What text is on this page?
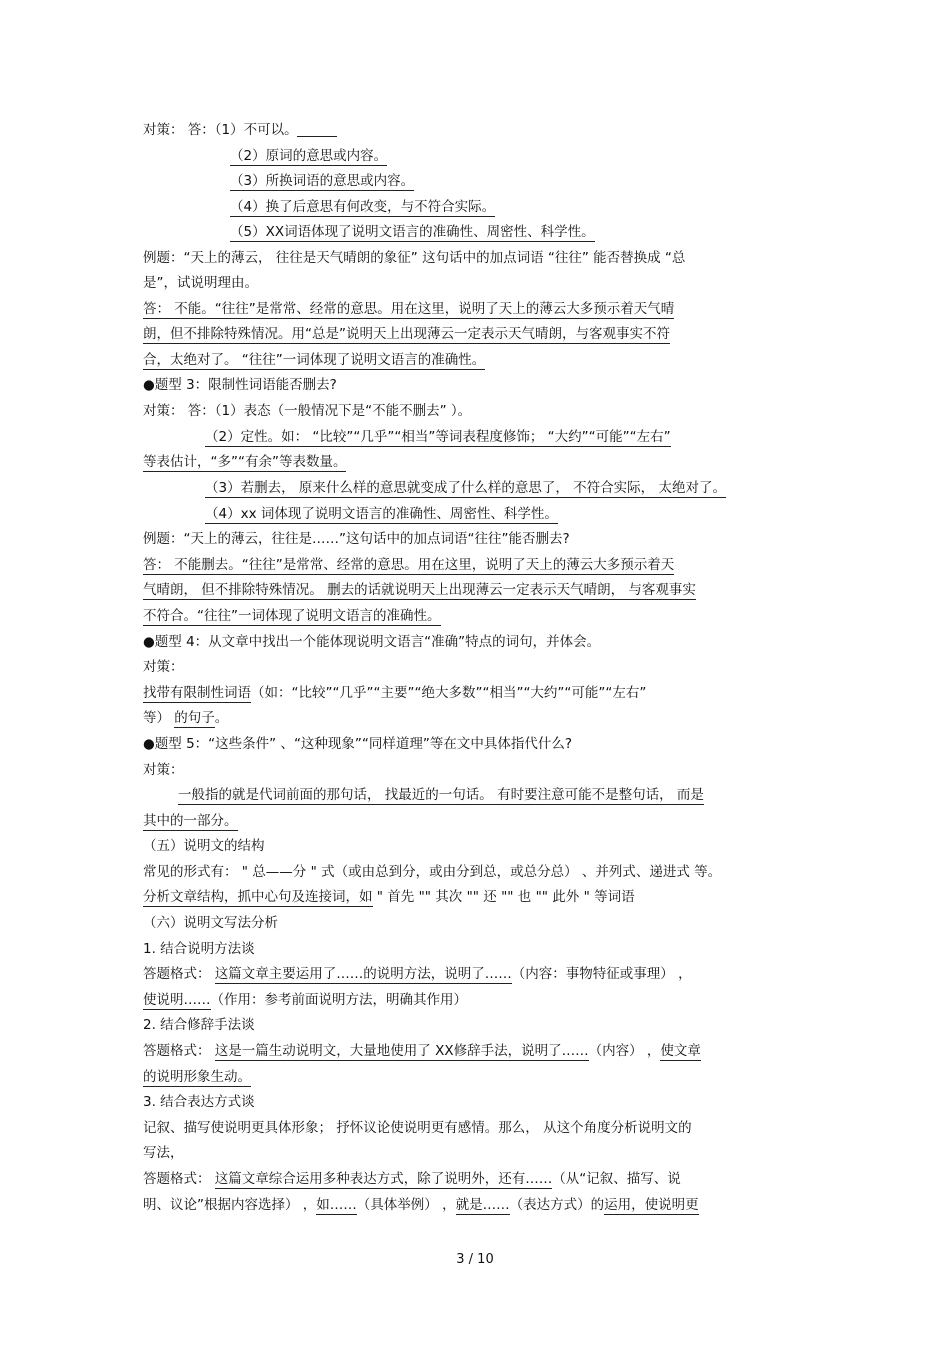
对策： 答：（1）不可以。
（2）原词的意思或内容。
（3）所换词语的意思或内容。
（4）换了后意思有何改变，与不符合实际。
（5）XX词语体现了说明文语言的准确性、周密性、科学性。
例题：“天上的薄云， 往往是天气晴朗的象征” 这句话中的加点词语 “往往” 能否替换成 “总
是”，试说明理由。
答： 不能。“往往”是常常、经常的意思。用在这里，说明了天上的薄云大多预示着天气晴
朗，但不排除特殊情况。用“总是”说明天上出现薄云一定表示天气晴朗，与客观事实不符
合，太绝对了。 “往往”一词体现了说明文语言的准确性。
●题型 3：限制性词语能否删去?
对策： 答：（1）表态（一般情况下是“不能不删去” ）。
（2）定性。如： “比较”“几乎”“相当”等词表程度修饰； “大约”“可能”“左右”
等表估计，“多”“有余”等表数量。
（3）若删去， 原来什么样的意思就变成了什么样的意思了， 不符合实际， 太绝对了。
（4）xx 词体现了说明文语言的准确性、周密性、科学性。
例题：“天上的薄云，往往是……”这句话中的加点词语“往往”能否删去?
答： 不能删去。“往往”是常常、经常的意思。用在这里，说明了天上的薄云大多预示着天
气晴朗， 但不排除特殊情况。 删去的话就说明天上出现薄云一定表示天气晴朗， 与客观事实
不符合。“往往”一词体现了说明文语言的准确性。
●题型 4：从文章中找出一个能体现说明文语言“准确”特点的词句，并体会。
对策：
找带有限制性词语（如：“比较”“几乎”“主要”“绝大多数”“相当”“大约”“可能”“左右”
等） 的句子。
●题型 5：“这些条件” 、“这种现象”“同样道理”等在文中具体指代什么?
对策：
一般指的就是代词前面的那句话， 找最近的一句话。 有时要注意可能不是整句话， 而是
其中的一部分。
（五）说明文的结构
常见的形式有： " 总——分 " 式（或由总到分，或由分到总，或总分总） 、并列式、递进式 等。
分析文章结构，抓中心句及连接词，如 " 首先 "" 其次 "" 还 "" 也 "" 此外 " 等词语
（六）说明文写法分析
1. 结合说明方法谈
答题格式： 这篇文章主要运用了……的说明方法，说明了……（内容：事物特征或事理） ，
使说明……（作用：参考前面说明方法，明确其作用）
2. 结合修辞手法谈
答题格式： 这是一篇生动说明文，大量地使用了 XX修辞手法，说明了……（内容） ，使文章
的说明形象生动。
3. 结合表达方式谈
记叙、描写使说明更具体形象； 抒怀议论使说明更有感情。那么， 从这个角度分析说明文的
写法，
答题格式： 这篇文章综合运用多种表达方式，除了说明外，还有……（从“记叙、描写、说
明、议论”根据内容选择） ，如……（具体举例） ，就是……（表达方式）的运用，使说明更
3 / 10
